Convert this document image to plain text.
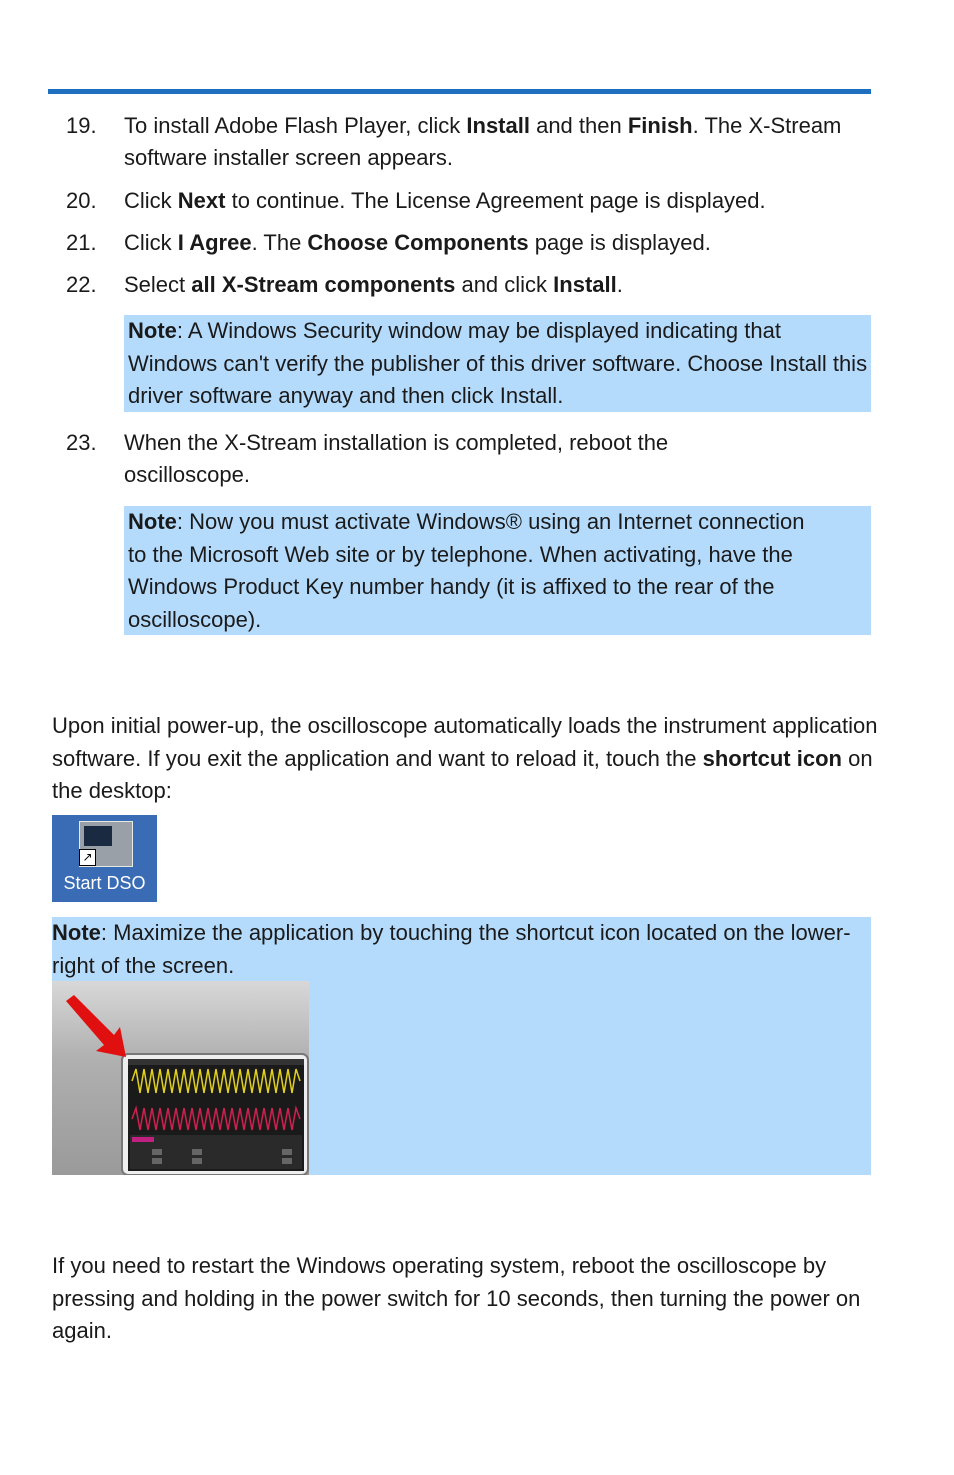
19.	To install Adobe Flash Player, click Install and then Finish. The X-Stream software installer screen appears.
20.	Click Next to continue. The License Agreement page is displayed.
21.	Click I Agree. The Choose Components page is displayed.
22.	Select all X-Stream components and click Install.
Note: A Windows Security window may be displayed indicating that Windows can't verify the publisher of this driver software. Choose Install this driver software anyway and then click Install.
23.	When the X-Stream installation is completed, reboot the oscilloscope.
Note: Now you must activate Windows® using an Internet connection to the Microsoft Web site or by telephone. When activating, have the Windows Product Key number handy (it is affixed to the rear of the oscilloscope).
Upon initial power-up, the oscilloscope automatically loads the instrument application software. If you exit the application and want to reload it, touch the shortcut icon on the desktop:
↗
Start DSO
Note: Maximize the application by touching the shortcut icon located on the lower-right of the screen.
If you need to restart the Windows operating system, reboot the oscilloscope by pressing and holding in the power switch for 10 seconds, then turning the power on again.
